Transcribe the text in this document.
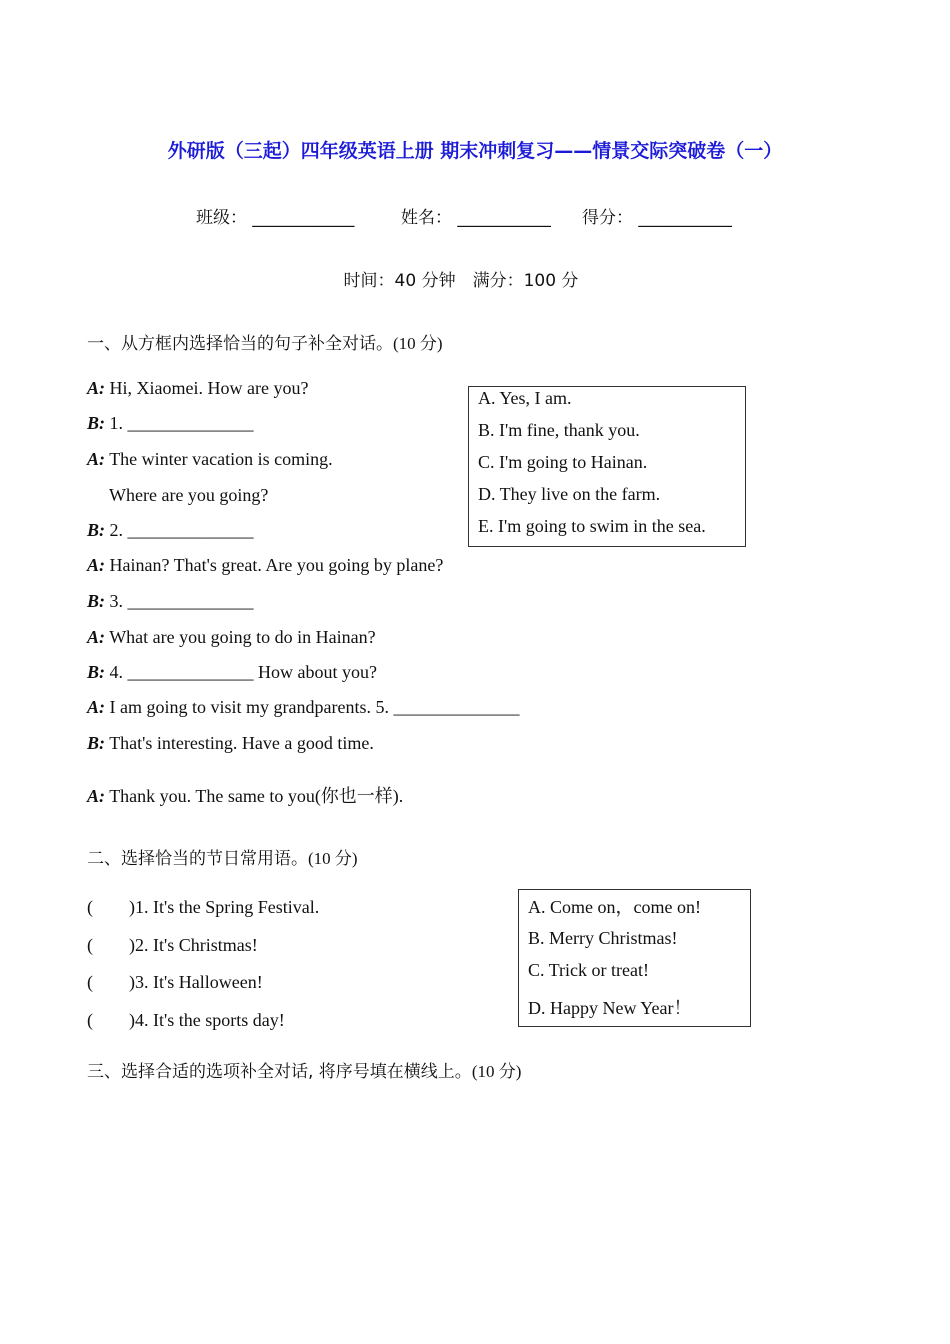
外研版（三起）四年级英语上册 期末冲刺复习——情景交际突破卷（一）
班级： ____________	姓名： ___________ 得分： ___________
时间：40 分钟　满分：100 分
一、从方框内选择恰当的句子补全对话。(10 分)
A: Hi, Xiaomei. How are you?
B: 1. ______________
A: The winter vacation is coming.
Where are you going?
B: 2. ______________
A: Hainan? That's great. Are you going by plane?
B: 3. ______________
A: What are you going to do in Hainan?
B: 4. ______________ How about you?
A: I am going to visit my grandparents. 5. ______________
B: That's interesting. Have a good time.
A: Thank you. The same to you(你也一样).
A. Yes, I am.
B. I'm fine, thank you.
C. I'm going to Hainan.
D. They live on the farm.
E. I'm going to swim in the sea.
二、选择恰当的节日常用语。(10 分)
(　　)1. It's the Spring Festival.
(　　)2. It's Christmas!
(　　)3. It's Halloween!
(　　)4. It's the sports day!
A. Come on，come on!
B. Merry Christmas!
C. Trick or treat!
D. Happy New Year！
三、选择合适的选项补全对话, 将序号填在横线上。(10 分)
